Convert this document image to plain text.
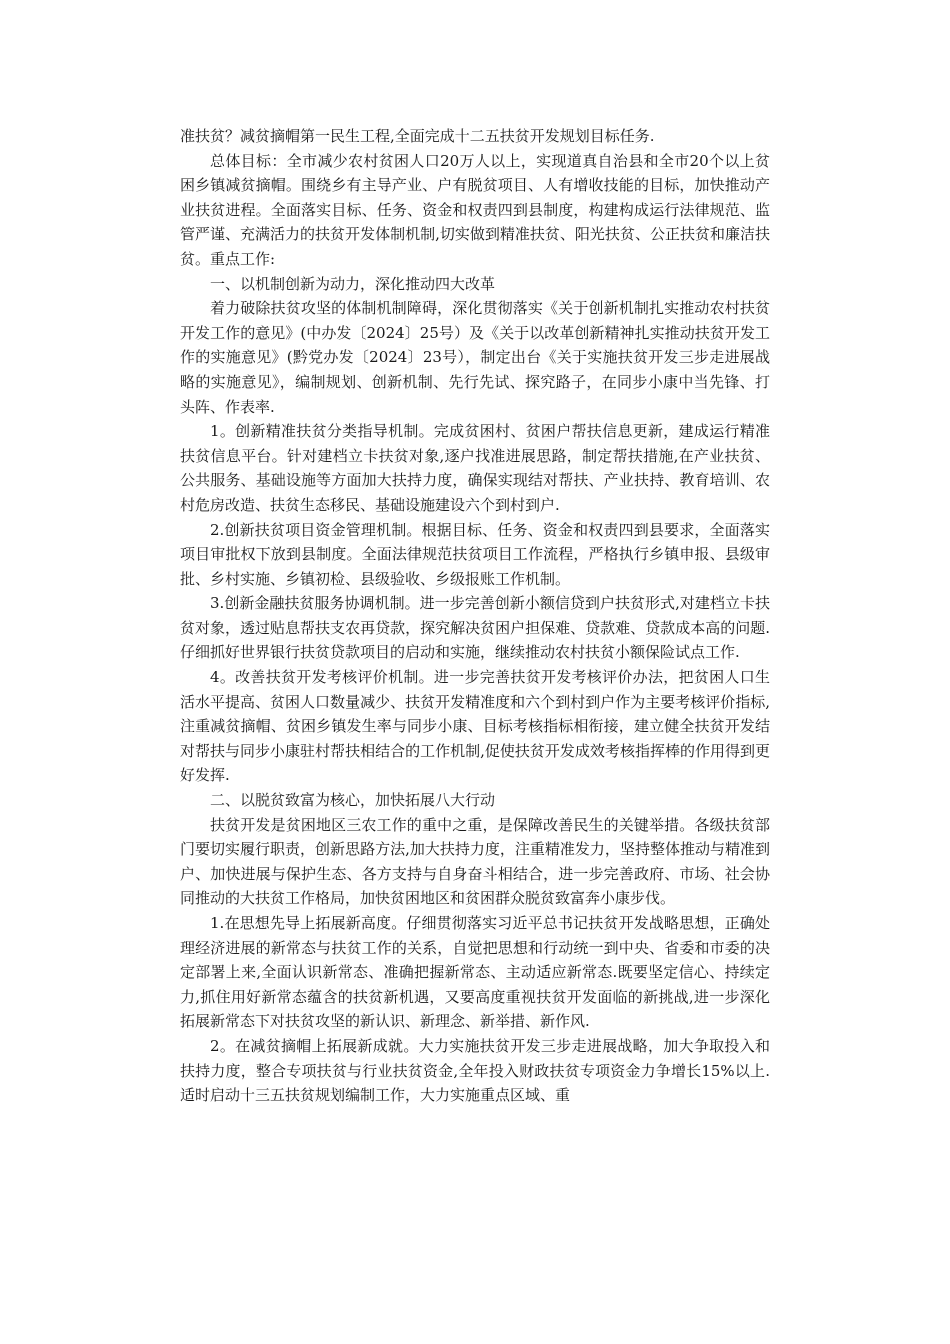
准扶贫？减贫摘帽第一民生工程,全面完成十二五扶贫开发规划目标任务.

总体目标：全市减少农村贫困人口20万人以上，实现道真自治县和全市20个以上贫困乡镇减贫摘帽。围绕乡有主导产业、户有脱贫项目、人有增收技能的目标，加快推动产业扶贫进程。全面落实目标、任务、资金和权责四到县制度，构建构成运行法律规范、监管严谨、充满活力的扶贫开发体制机制,切实做到精准扶贫、阳光扶贫、公正扶贫和廉洁扶贫。重点工作:

一、以机制创新为动力，深化推动四大改革

着力破除扶贫攻坚的体制机制障碍，深化贯彻落实《关于创新机制扎实推动农村扶贫开发工作的意见》(中办发〔2024〕25号）及《关于以改革创新精神扎实推动扶贫开发工作的实施意见》(黔党办发〔2024〕23号），制定出台《关于实施扶贫开发三步走进展战略的实施意见》，编制规划、创新机制、先行先试、探究路子，在同步小康中当先锋、打头阵、作表率.

1。创新精准扶贫分类指导机制。完成贫困村、贫困户帮扶信息更新，建成运行精准扶贫信息平台。针对建档立卡扶贫对象,逐户找准进展思路，制定帮扶措施,在产业扶贫、公共服务、基础设施等方面加大扶持力度，确保实现结对帮扶、产业扶持、教育培训、农村危房改造、扶贫生态移民、基础设施建设六个到村到户.

2.创新扶贫项目资金管理机制。根据目标、任务、资金和权责四到县要求，全面落实项目审批权下放到县制度。全面法律规范扶贫项目工作流程，严格执行乡镇申报、县级审批、乡村实施、乡镇初检、县级验收、乡级报账工作机制。

3.创新金融扶贫服务协调机制。进一步完善创新小额信贷到户扶贫形式,对建档立卡扶贫对象，透过贴息帮扶支农再贷款，探究解决贫困户担保难、贷款难、贷款成本高的问题.仔细抓好世界银行扶贫贷款项目的启动和实施，继续推动农村扶贫小额保险试点工作.

4。改善扶贫开发考核评价机制。进一步完善扶贫开发考核评价办法，把贫困人口生活水平提高、贫困人口数量减少、扶贫开发精准度和六个到村到户作为主要考核评价指标,注重减贫摘帽、贫困乡镇发生率与同步小康、目标考核指标相衔接，建立健全扶贫开发结对帮扶与同步小康驻村帮扶相结合的工作机制,促使扶贫开发成效考核指挥棒的作用得到更好发挥.

二、以脱贫致富为核心，加快拓展八大行动

扶贫开发是贫困地区三农工作的重中之重，是保障改善民生的关键举措。各级扶贫部门要切实履行职责，创新思路方法,加大扶持力度，注重精准发力，坚持整体推动与精准到户、加快进展与保护生态、各方支持与自身奋斗相结合，进一步完善政府、市场、社会协同推动的大扶贫工作格局，加快贫困地区和贫困群众脱贫致富奔小康步伐。

1.在思想先导上拓展新高度。仔细贯彻落实习近平总书记扶贫开发战略思想，正确处理经济进展的新常态与扶贫工作的关系，自觉把思想和行动统一到中央、省委和市委的决定部署上来,全面认识新常态、准确把握新常态、主动适应新常态.既要坚定信心、持续定力,抓住用好新常态蕴含的扶贫新机遇，又要高度重视扶贫开发面临的新挑战,进一步深化拓展新常态下对扶贫攻坚的新认识、新理念、新举措、新作风.

2。在减贫摘帽上拓展新成就。大力实施扶贫开发三步走进展战略，加大争取投入和扶持力度，整合专项扶贫与行业扶贫资金,全年投入财政扶贫专项资金力争增长15%以上.适时启动十三五扶贫规划编制工作，大力实施重点区域、重
